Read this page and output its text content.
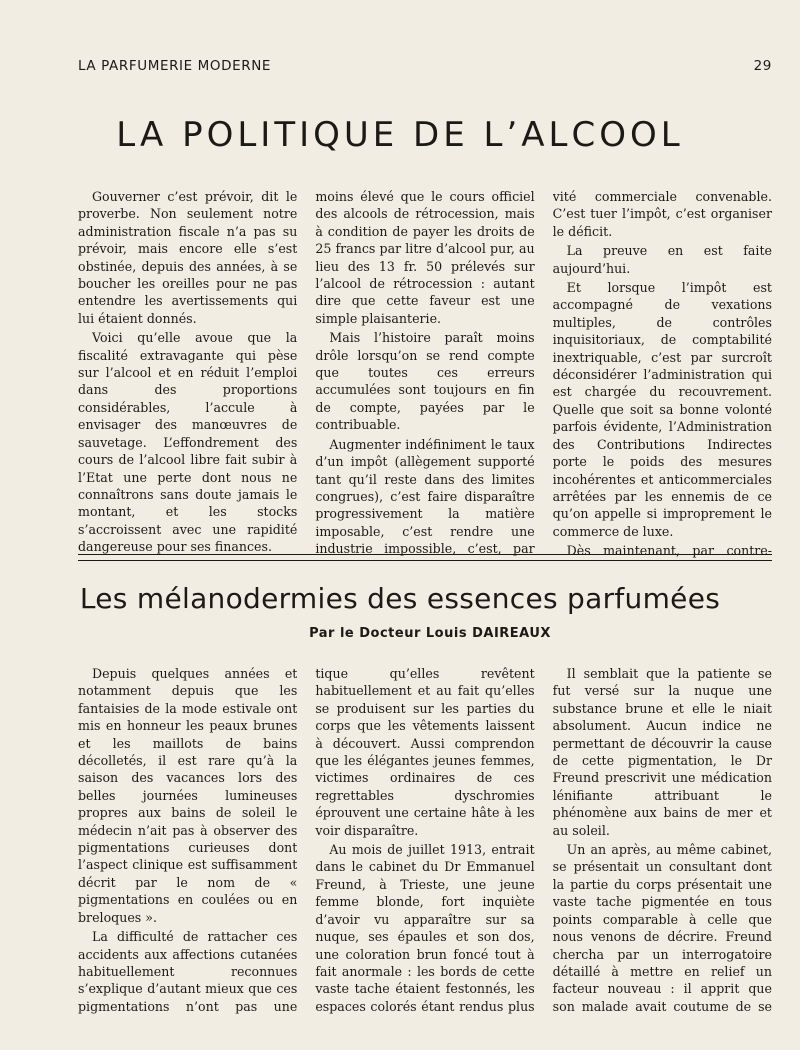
LA PARFUMERIE MODERNE	29
LA POLITIQUE DE L’ALCOOL

Gouverner c’est prévoir, dit le proverbe. Non seulement notre administration fiscale n’a pas su prévoir, mais encore elle s’est obstinée, depuis des années, à se boucher les oreilles pour ne pas entendre les avertissements qui lui étaient donnés.

Voici qu’elle avoue que la fiscalité extravagante qui pèse sur l’alcool et en réduit l’emploi dans des proportions considérables, l’accule à envisager des manœuvres de sauvetage. L’effondrement des cours de l’alcool libre fait subir à l’Etat une perte dont nous ne connaîtrons sans doute jamais le montant, et les stocks s’accroissent avec une rapidité dangereuse pour ses finances.

moins élevé que le cours officiel des alcools de rétrocession, mais à condition de payer les droits de 25 francs par litre d’alcool pur, au lieu des 13 fr. 50 prélevés sur l’alcool de rétrocession : autant dire que cette faveur est une simple plaisanterie.

Mais l’histoire paraît moins drôle lorsqu’on se rend compte que toutes ces erreurs accumulées sont toujours en fin de compte, payées par le contribuable.

Augmenter indéfiniment le taux d’un impôt (allègement supporté tant qu’il reste dans des limites congrues), c’est faire disparaître progressivement la matière imposable, c’est rendre une industrie impossible, c’est, par

vité commerciale convenable. C’est tuer l’impôt, c’est organiser le déficit.

La preuve en est faite aujourd’hui.

Et lorsque l’impôt est accompagné de vexations multiples, de contrôles inquisitoriaux, de comptabilité inextriquable, c’est par surcroît déconsidérer l’administration qui est chargée du recouvrement. Quelle que soit sa bonne volonté parfois évidente, l’Administration des Contributions Indirectes porte le poids des mesures incohérentes et anticommerciales arrêtées par les ennemis de ce qu’on appelle si improprement le commerce de luxe.

Dès maintenant, par contre-

Les mélanodermies des essences parfumées
Par le Docteur Louis DAIREAUX

Depuis quelques années et notamment depuis que les fantaisies de la mode estivale ont mis en honneur les peaux brunes et les maillots de bains décolletés, il est rare qu’à la saison des vacances lors des belles journées lumineuses propres aux bains de soleil le médecin n’ait pas à observer des pigmentations curieuses dont l’aspect clinique est suffisamment décrit par le nom de « pigmentations en coulées ou en breloques ».

La difficulté de rattacher ces accidents aux affections cutanées habituellement reconnues s’explique d’autant mieux que ces pigmentations n’ont pas une

tique qu’elles revêtent habituellement et au fait qu’elles se produisent sur les parties du corps que les vêtements laissent à découvert. Aussi comprendon que les élégantes jeunes femmes, victimes ordinaires de ces regrettables dyschromies éprouvent une certaine hâte à les voir disparaître.

Au mois de juillet 1913, entrait dans le cabinet du Dr Emmanuel Freund, à Trieste, une jeune femme blonde, fort inquiète d’avoir vu apparaître sur sa nuque, ses épaules et son dos, une coloration brun foncé tout à fait anormale : les bords de cette vaste tache étaient festonnés, les espaces colorés étant rendus plus

Il semblait que la patiente se fut versé sur la nuque une substance brune et elle le niait absolument. Aucun indice ne permettant de découvrir la cause de cette pigmentation, le Dr Freund prescrivit une médication lénifiante attribuant le phénomène aux bains de mer et au soleil.

Un an après, au même cabinet, se présentait un consultant dont la partie du corps présentait une vaste tache pigmentée en tous points comparable à celle que nous venons de décrire. Freund chercha par un interrogatoire détaillé à mettre en relief un facteur nouveau : il apprit que son malade avait coutume de se
